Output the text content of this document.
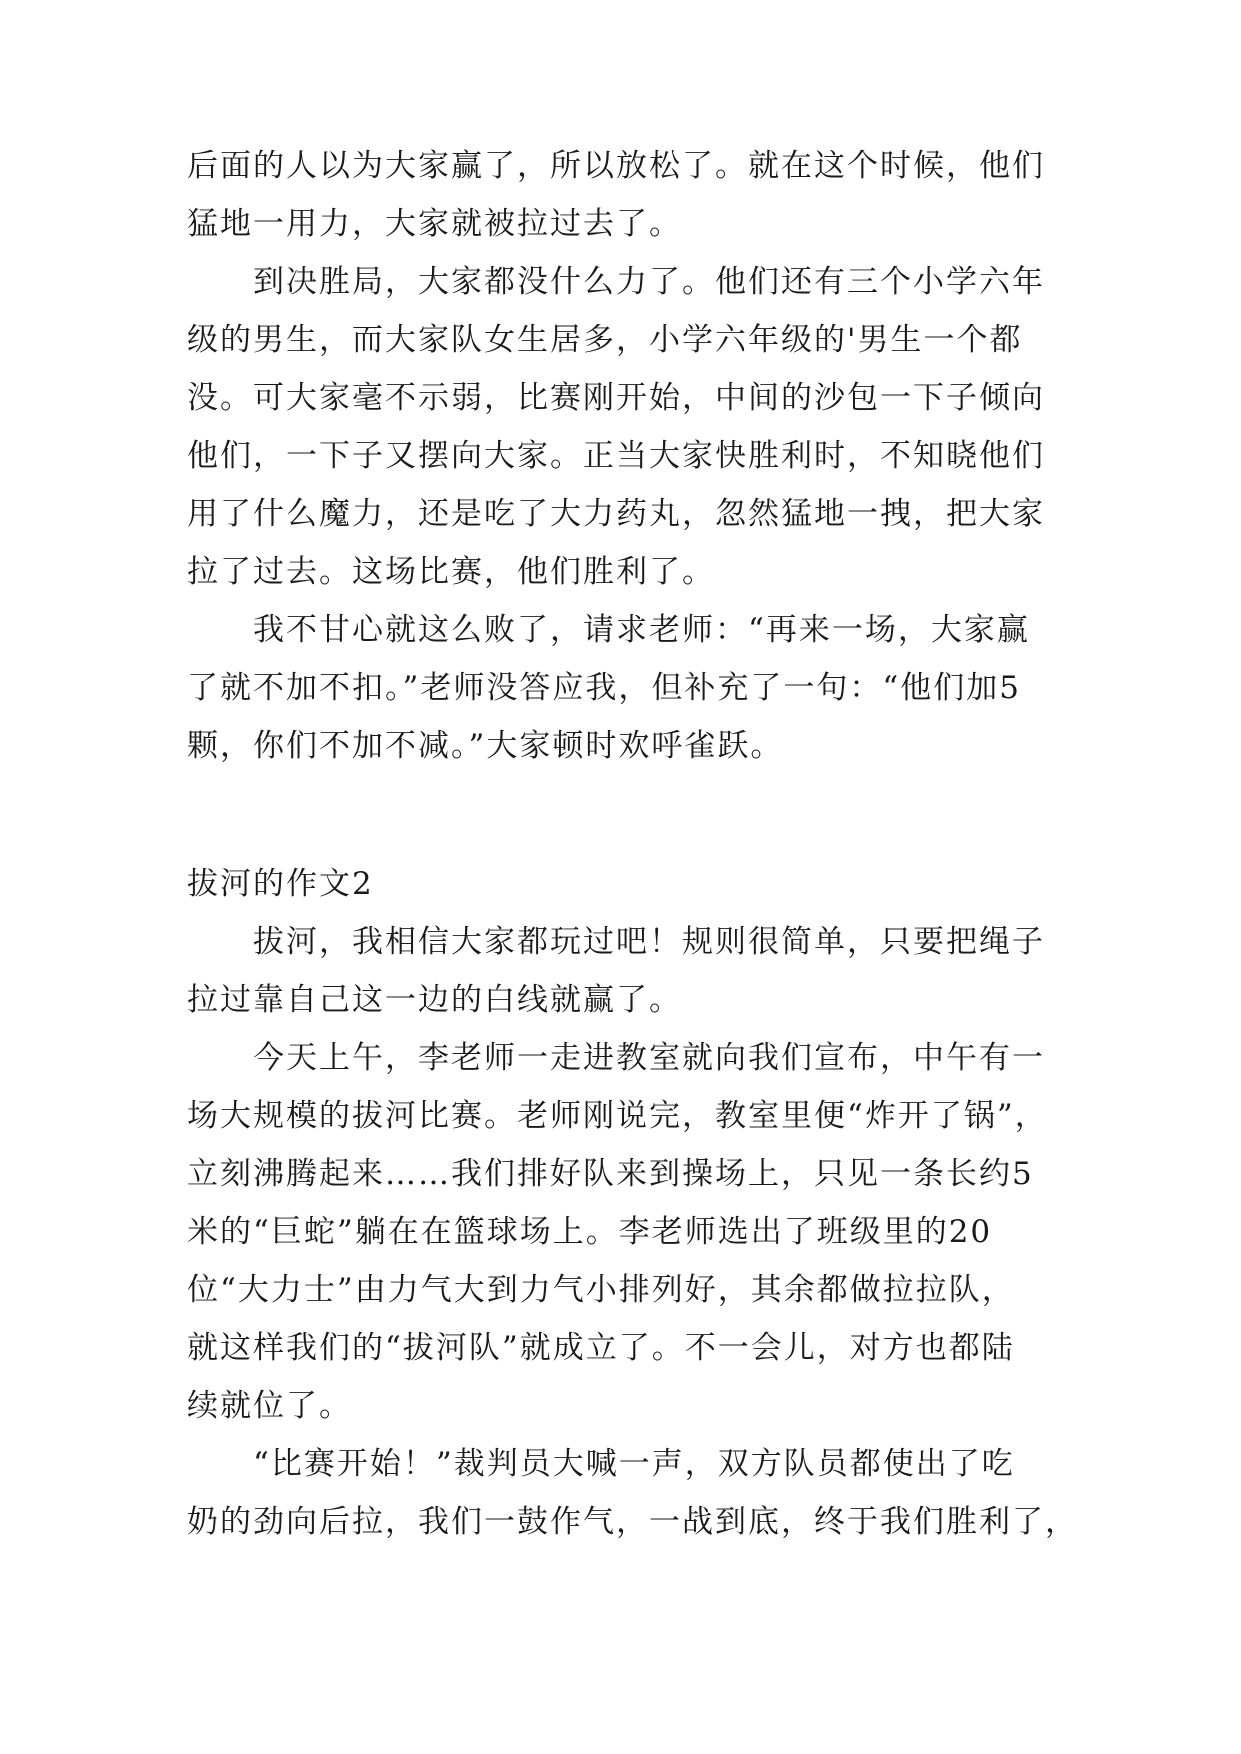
后面的人以为大家赢了，所以放松了。就在这个时候，他们
猛地一用力，大家就被拉过去了。
到决胜局，大家都没什么力了。他们还有三个小学六年
级的男生，而大家队女生居多，小学六年级的'男生一个都
没。可大家毫不示弱，比赛刚开始，中间的沙包一下子倾向
他们，一下子又摆向大家。正当大家快胜利时，不知晓他们
用了什么魔力，还是吃了大力药丸，忽然猛地一拽，把大家
拉了过去。这场比赛，他们胜利了。
我不甘心就这么败了，请求老师：“再来一场，大家赢
了就不加不扣。”老师没答应我，但补充了一句：“他们加5
颗，你们不加不减。”大家顿时欢呼雀跃。
拔河的作文2
拔河，我相信大家都玩过吧！规则很简单，只要把绳子
拉过靠自己这一边的白线就赢了。
今天上午，李老师一走进教室就向我们宣布，中午有一
场大规模的拔河比赛。老师刚说完，教室里便“炸开了锅”，
立刻沸腾起来……我们排好队来到操场上，只见一条长约5
米的“巨蛇”躺在在篮球场上。李老师选出了班级里的20
位“大力士”由力气大到力气小排列好，其余都做拉拉队，
就这样我们的“拔河队”就成立了。不一会儿，对方也都陆
续就位了。
“比赛开始！”裁判员大喊一声，双方队员都使出了吃
奶的劲向后拉，我们一鼓作气，一战到底，终于我们胜利了，
